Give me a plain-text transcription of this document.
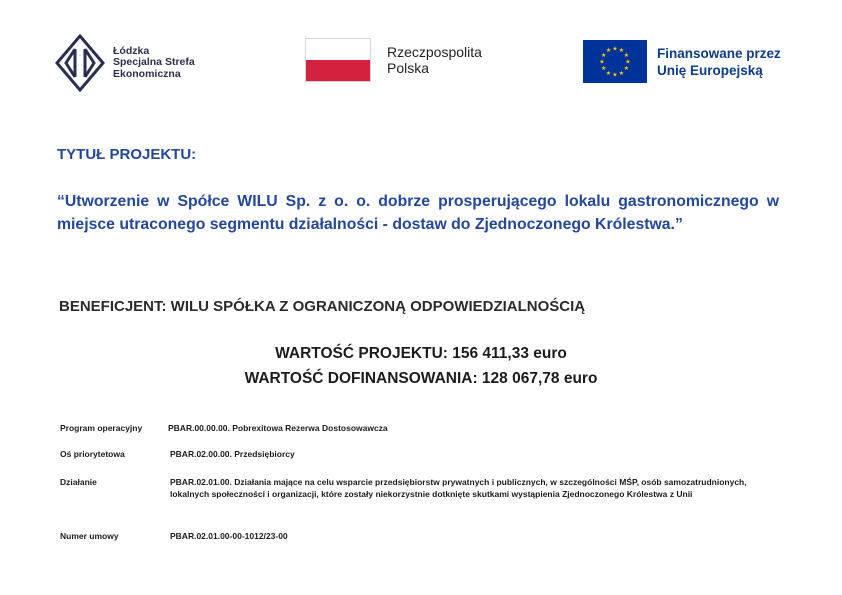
Łódzka
Specjalna Strefa
Ekonomiczna
Rzeczpospolita
Polska
★ ★
★
★
★
★
★
★
★
★
★
★	Finansowane przez
Unię Europejską
TYTUŁ PROJEKTU:
“Utworzenie w Spółce WILU Sp. z o. o. dobrze prosperującego lokalu gastronomicznego w miejsce utraconego segmentu działalności - dostaw do Zjednoczonego Królestwa.”
BENEFICJENT: WILU SPÓŁKA Z OGRANICZONĄ ODPOWIEDZIALNOŚCIĄ
WARTOŚĆ PROJEKTU: 156 411,33 euro
WARTOŚĆ DOFINANSOWANIA: 128 067,78 euro
Program operacyjny	PBAR.00.00.00. Pobrexitowa Rezerwa Dostosowawcza
Oś priorytetowa	PBAR.02.00.00. Przedsiębiorcy
Działanie	PBAR.02.01.00. Działania mające na celu wsparcie przedsiębiorstw prywatnych i publicznych, w szczególności MŚP, osób samozatrudnionych, lokalnych społeczności i organizacji, które zostały niekorzystnie dotknięte skutkami wystąpienia Zjednoczonego Królestwa z Unii
Numer umowy	PBAR.02.01.00-00-1012/23-00
